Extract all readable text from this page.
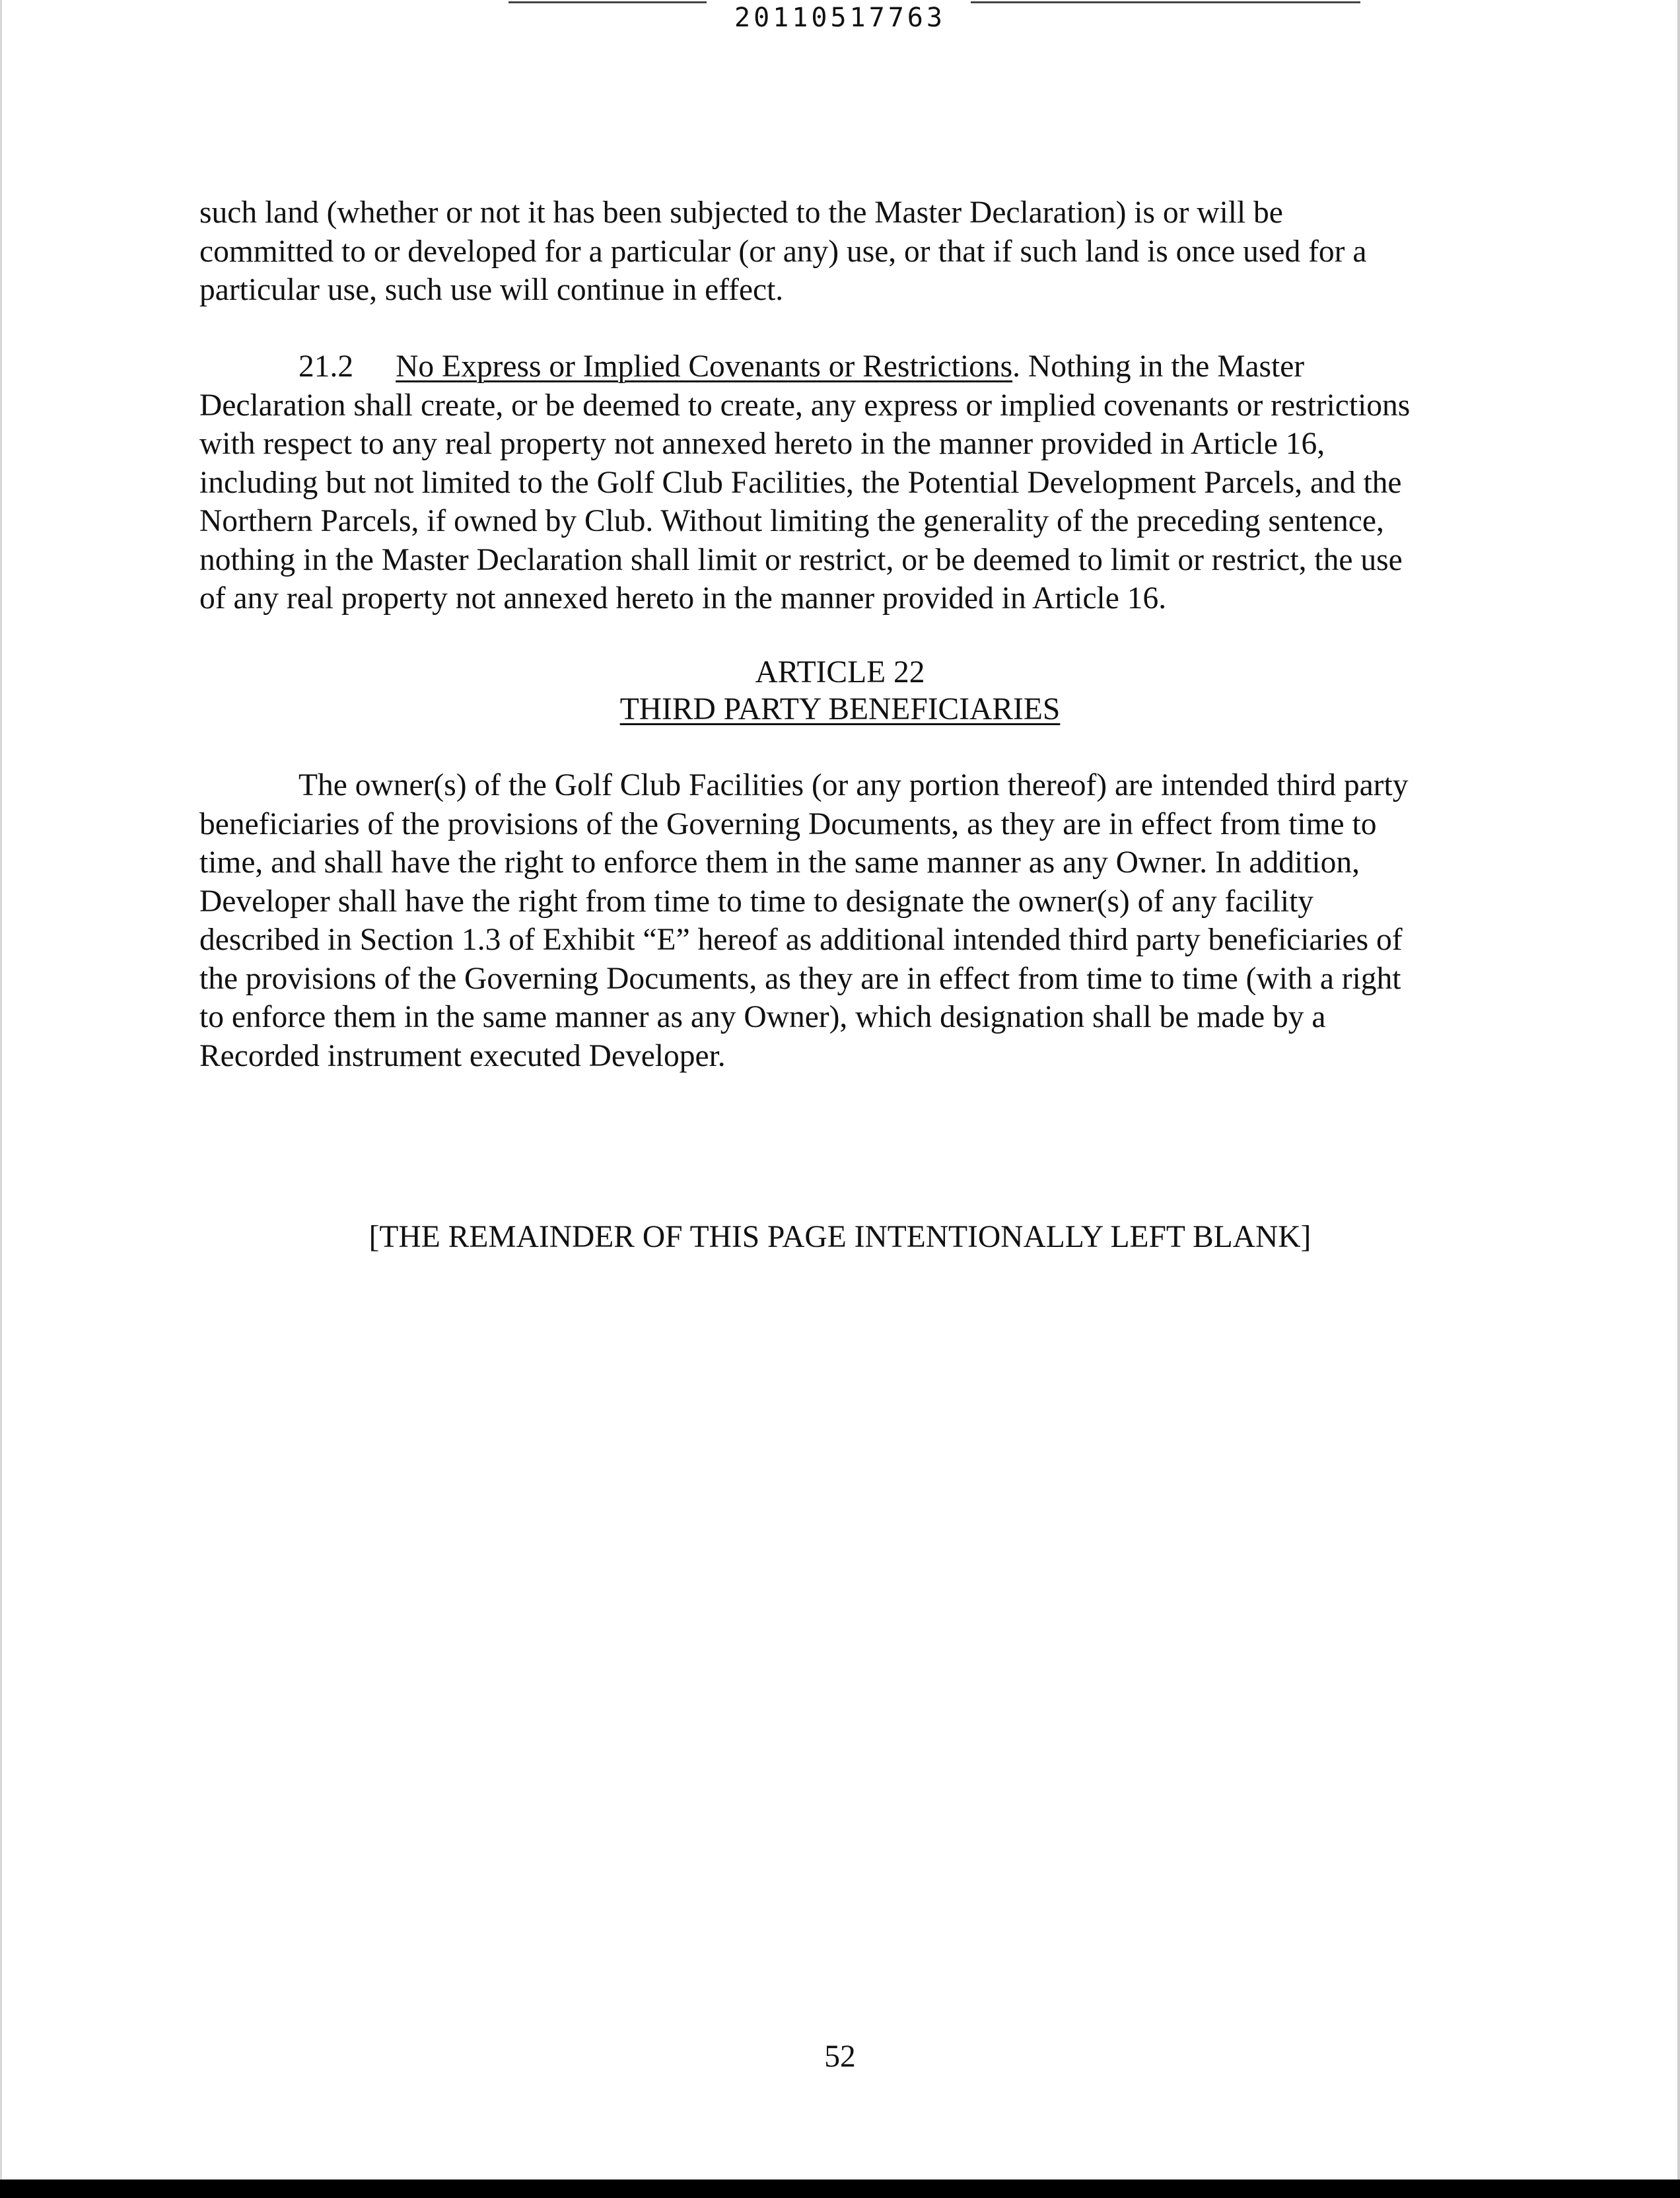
20110517763

such land (whether or not it has been subjected to the Master Declaration) is or will be
committed to or developed for a particular (or any) use, or that if such land is once used for a
particular use, such use will continue in effect.

21.2 No Express or Implied Covenants or Restrictions. Nothing in the Master
Declaration shall create, or be deemed to create, any express or implied covenants or restrictions
with respect to any real property not annexed hereto in the manner provided in Article 16,
including but not limited to the Golf Club Facilities, the Potential Development Parcels, and the
Northern Parcels, if owned by Club. Without limiting the generality of the preceding sentence,
nothing in the Master Declaration shall limit or restrict, or be deemed to limit or restrict, the use
of any real property not annexed hereto in the manner provided in Article 16.

ARTICLE 22
THIRD PARTY BENEFICIARIES

The owner(s) of the Golf Club Facilities (or any portion thereof) are intended third party
beneficiaries of the provisions of the Governing Documents, as they are in effect from time to
time, and shall have the right to enforce them in the same manner as any Owner. In addition,
Developer shall have the right from time to time to designate the owner(s) of any facility
described in Section 1.3 of Exhibit “E” hereof as additional intended third party beneficiaries of
the provisions of the Governing Documents, as they are in effect from time to time (with a right
to enforce them in the same manner as any Owner), which designation shall be made by a
Recorded instrument executed Developer.

[THE REMAINDER OF THIS PAGE INTENTIONALLY LEFT BLANK]
52
